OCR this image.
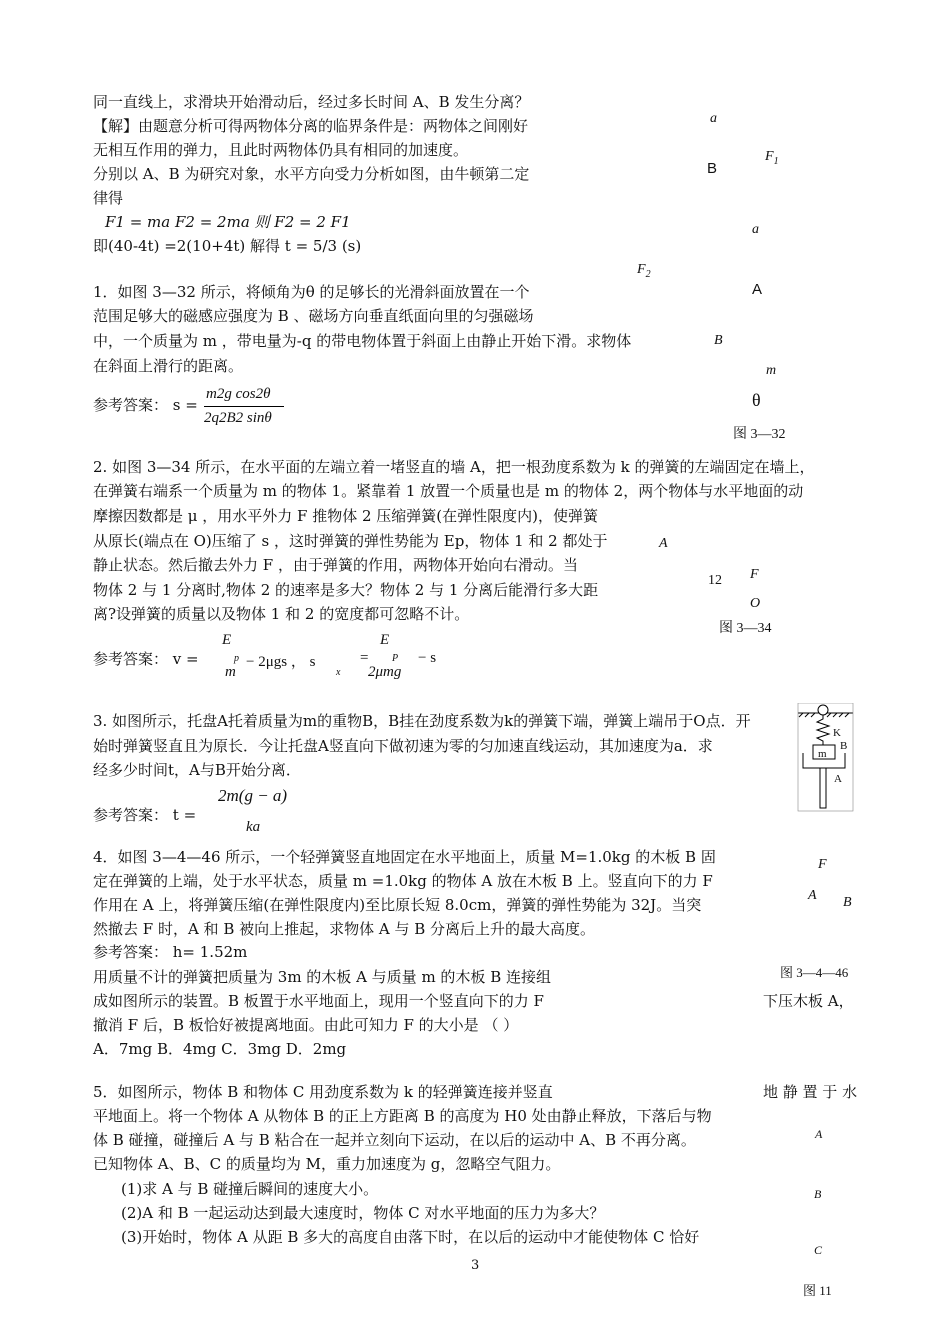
同一直线上，求滑块开始滑动后，经过多长时间 A、B 发生分离？
【解】由题意分析可得两物体分离的临界条件是：两物体之间刚好
无相互作用的弹力，且此时两物体仍具有相同的加速度。
分别以 A、B 为研究对象，水平方向受力分析如图，由牛顿第二定
律得
F1 = ma F2 = 2ma 则 F2 = 2 F1
即(40-4t) =2(10+4t) 解得 t = 5/3 (s)
a
B
$F_1$
a
$F_2$
A
1．如图 3—32 所示，将倾角为θ 的足够长的光滑斜面放置在一个
范围足够大的磁感应强度为 B 、磁场方向垂直纸面向里的匀强磁场
中，一个质量为 m ，带电量为-q 的带电物体置于斜面上由静止开始下滑。求物体
在斜面上滑行的距离。
参考答案： s =
m2g cos2θ
2q2B2 sinθ
B
m
θ
图 3—32
2. 如图 3—34 所示，在水平面的左端立着一堵竖直的墙 A，把一根劲度系数为 k 的弹簧的左端固定在墙上，
在弹簧右端系一个质量为 m 的物体 1。紧靠着 1 放置一个质量也是 m 的物体 2，两个物体与水平地面的动
摩擦因数都是 μ ，用水平外力 F 推物体 2 压缩弹簧(在弹性限度内)，使弹簧
从原长(端点在 O)压缩了 s ，这时弹簧的弹性势能为 Ep，物体 1 和 2 都处于
静止状态。然后撤去外力 F ，由于弹簧的作用，两物体开始向右滑动。当
物体 2 与 1 分离时,物体 2 的速率是多大？物体 2 与 1 分离后能滑行多大距
离?设弹簧的质量以及物体 1 和 2 的宽度都可忽略不计。
参考答案： v =
E
p
m
− 2μgs ， s
x
=
E
P
2μmg
− s
A
F
12
O
图 3—34
3. 如图所示，托盘A托着质量为m的重物B，B挂在劲度系数为k的弹簧下端，弹簧上端吊于O点．开
始时弹簧竖直且为原长．今让托盘A竖直向下做初速为零的匀加速直线运动，其加速度为a．求
经多少时间t，A与B开始分离．
参考答案： t =
2m(g − a)
ka
K
B
m
A
4．如图 3—4—46 所示，一个轻弹簧竖直地固定在水平地面上，质量 M=1.0kg 的木板 B 固
定在弹簧的上端，处于水平状态，质量 m =1.0kg 的物体 A 放在木板 B 上。竖直向下的力 F
作用在 A 上，将弹簧压缩(在弹性限度内)至比原长短 8.0cm，弹簧的弹性势能为 32J。当突
然撤去 F 时，A 和 B 被向上推起，求物体 A 与 B 分离后上升的最大高度。
参考答案： h= 1.52m
F
A B
图 3—4—46
用质量不计的弹簧把质量为 3m 的木板 A 与质量 m 的木板 B 连接组
成如图所示的装置。B 板置于水平地面上，现用一个竖直向下的力 F	下压木板 A，
撤消 F 后，B 板恰好被提离地面。由此可知力 F 的大小是 （ ）
A．7mg B．4mg C．3mg D．2mg
5．如图所示，物体 B 和物体 C 用劲度系数为 k 的轻弹簧连接并竖直	地 静 置 于 水
平地面上。将一个物体 A 从物体 B 的正上方距离 B 的高度为 H0 处由静止释放，下落后与物
体 B 碰撞，碰撞后 A 与 B 粘合在一起并立刻向下运动，在以后的运动中 A、B 不再分离。
已知物体 A、B、C 的质量均为 M，重力加速度为 g，忽略空气阻力。
(1)求 A 与 B 碰撞后瞬间的速度大小。
(2)A 和 B 一起运动达到最大速度时，物体 C 对水平地面的压力为多大？
(3)开始时，物体 A 从距 B 多大的高度自由落下时，在以后的运动中才能使物体 C 恰好
A
B
C
图 11
3
